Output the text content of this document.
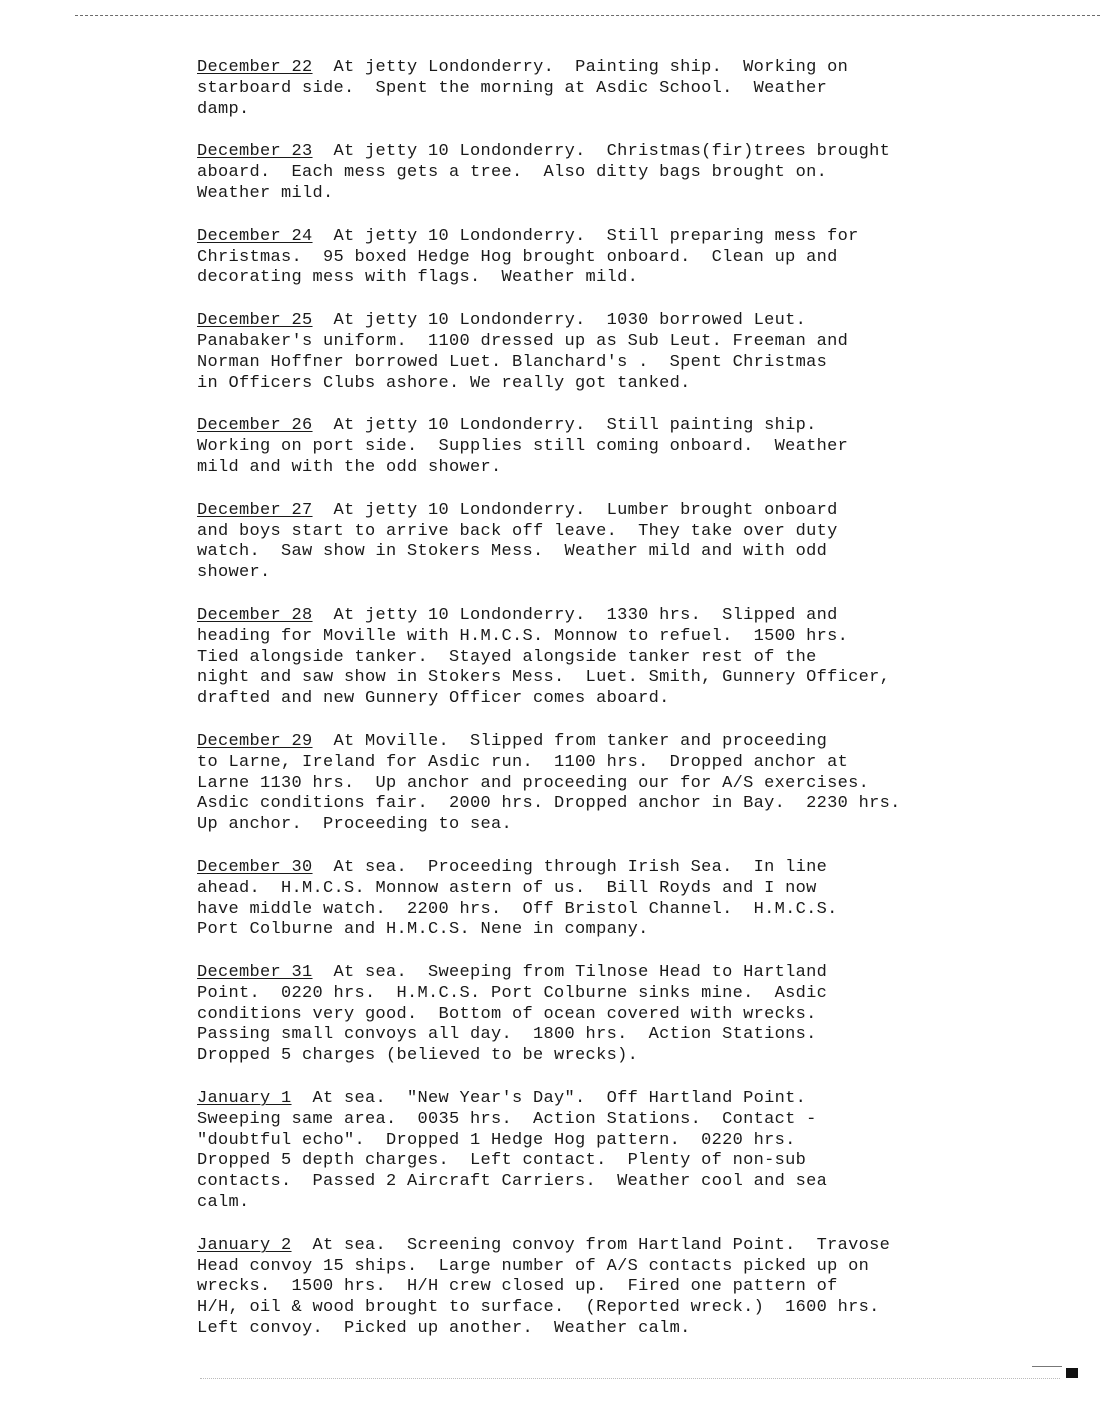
December 22  At jetty Londonderry.  Painting ship.  Working on
starboard side.  Spent the morning at Asdic School.  Weather
damp.
December 23  At jetty 10 Londonderry.  Christmas(fir)trees brought
aboard.  Each mess gets a tree.  Also ditty bags brought on.
Weather mild.
December 24  At jetty 10 Londonderry.  Still preparing mess for
Christmas.  95 boxed Hedge Hog brought onboard.  Clean up and
decorating mess with flags.  Weather mild.
December 25  At jetty 10 Londonderry.  1030 borrowed Leut.
Panabaker's uniform.  1100 dressed up as Sub Leut. Freeman and
Norman Hoffner borrowed Luet. Blanchard's .  Spent Christmas
in Officers Clubs ashore. We really got tanked.
December 26  At jetty 10 Londonderry.  Still painting ship.
Working on port side.  Supplies still coming onboard.  Weather
mild and with the odd shower.
December 27  At jetty 10 Londonderry.  Lumber brought onboard
and boys start to arrive back off leave.  They take over duty
watch.  Saw show in Stokers Mess.  Weather mild and with odd
shower.
December 28  At jetty 10 Londonderry.  1330 hrs.  Slipped and
heading for Moville with H.M.C.S. Monnow to refuel.  1500 hrs.
Tied alongside tanker.  Stayed alongside tanker rest of the
night and saw show in Stokers Mess.  Luet. Smith, Gunnery Officer,
drafted and new Gunnery Officer comes aboard.
December 29  At Moville.  Slipped from tanker and proceeding
to Larne, Ireland for Asdic run.  1100 hrs.  Dropped anchor at
Larne 1130 hrs.  Up anchor and proceeding our for A/S exercises.
Asdic conditions fair.  2000 hrs. Dropped anchor in Bay.  2230 hrs.
Up anchor.  Proceeding to sea.
December 30  At sea.  Proceeding through Irish Sea.  In line
ahead.  H.M.C.S. Monnow astern of us.  Bill Royds and I now
have middle watch.  2200 hrs.  Off Bristol Channel.  H.M.C.S.
Port Colburne and H.M.C.S. Nene in company.
December 31  At sea.  Sweeping from Tilnose Head to Hartland
Point.  0220 hrs.  H.M.C.S. Port Colburne sinks mine.  Asdic
conditions very good.  Bottom of ocean covered with wrecks.
Passing small convoys all day.  1800 hrs.  Action Stations.
Dropped 5 charges (believed to be wrecks).
January 1  At sea.  "New Year's Day".  Off Hartland Point.
Sweeping same area.  0035 hrs.  Action Stations.  Contact -
"doubtful echo".  Dropped 1 Hedge Hog pattern.  0220 hrs.
Dropped 5 depth charges.  Left contact.  Plenty of non-sub
contacts.  Passed 2 Aircraft Carriers.  Weather cool and sea
calm.
January 2  At sea.  Screening convoy from Hartland Point.  Travose
Head convoy 15 ships.  Large number of A/S contacts picked up on
wrecks.  1500 hrs.  H/H crew closed up.  Fired one pattern of
H/H, oil & wood brought to surface.  (Reported wreck.)  1600 hrs.
Left convoy.  Picked up another.  Weather calm.
